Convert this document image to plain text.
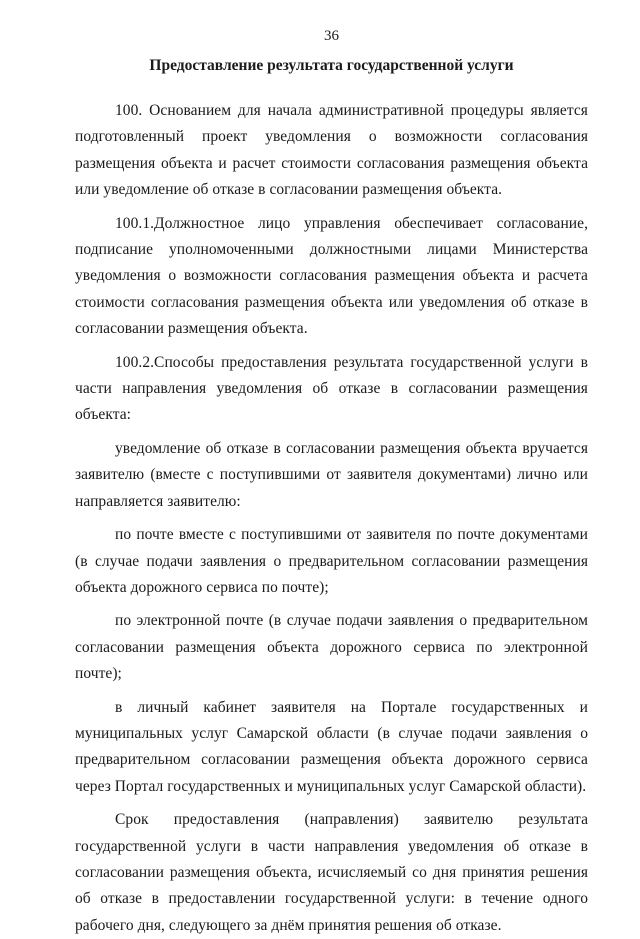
36

Предоставление результата государственной услуги

100. Основанием для начала административной процедуры является подготовленный проект уведомления о возможности согласования размещения объекта и расчет стоимости согласования размещения объекта или уведомление об отказе в согласовании размещения объекта.

100.1.Должностное лицо управления обеспечивает согласование, подписание уполномоченными должностными лицами Министерства уведомления о возможности согласования размещения объекта и расчета стоимости согласования размещения объекта или уведомления об отказе в согласовании размещения объекта.

100.2.Способы предоставления результата государственной услуги в части направления уведомления об отказе в согласовании размещения объекта:

уведомление об отказе в согласовании размещения объекта вручается заявителю (вместе с поступившими от заявителя документами) лично или направляется заявителю:

по почте вместе с поступившими от заявителя по почте документами (в случае подачи заявления о предварительном согласовании размещения объекта дорожного сервиса по почте);

по электронной почте (в случае подачи заявления о предварительном согласовании размещения объекта дорожного сервиса по электронной почте);

в личный кабинет заявителя на Портале государственных и муниципальных услуг Самарской области (в случае подачи заявления о предварительном согласовании размещения объекта дорожного сервиса через Портал государственных и муниципальных услуг Самарской области).

Срок предоставления (направления) заявителю результата государственной услуги в части направления уведомления об отказе в согласовании размещения объекта, исчисляемый со дня принятия решения об отказе в предоставлении государственной услуги: в течение одного рабочего дня, следующего за днём принятия решения об отказе.
